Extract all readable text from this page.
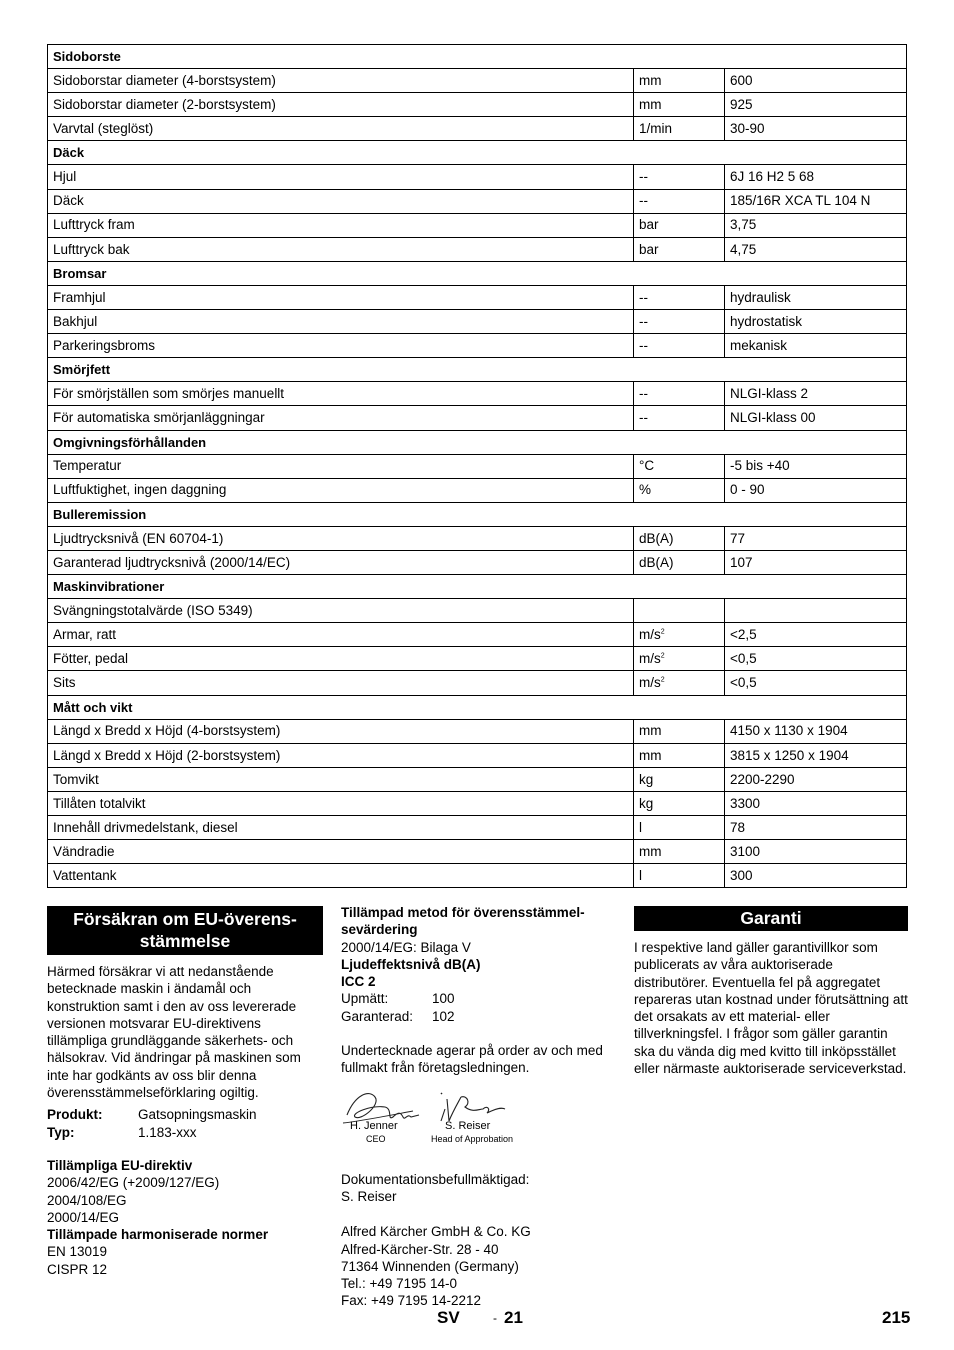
Sidoborste		
Sidoborstar diameter (4-borstsystem)	mm	600
Sidoborstar diameter (2-borstsystem)	mm	925
Varvtal (steglöst)	1/min	30-90
Däck		
Hjul	--	6J 16 H2 5 68
Däck	--	185/16R XCA TL 104 N
Lufttryck fram	bar	3,75
Lufttryck bak	bar	4,75
Bromsar		
Framhjul	--	hydraulisk
Bakhjul	--	hydrostatisk
Parkeringsbroms	--	mekanisk
Smörjfett		
För smörjställen som smörjes manuellt	--	NLGI-klass 2
För automatiska smörjanläggningar	--	NLGI-klass 00
Omgivningsförhållanden		
Temperatur	°C	-5 bis +40
Luftfuktighet, ingen daggning	%	0 - 90
Bulleremission		
Ljudtrycksnivå (EN 60704-1)	dB(A)	77
Garanterad ljudtrycksnivå (2000/14/EC)	dB(A)	107
Maskinvibrationer		
Svängningstotalvärde (ISO 5349)		
Armar, ratt	$m/s^2$	<2,5
Fötter, pedal	$m/s^2$	<0,5
Sits	$m/s^2$	<0,5
Mått och vikt		
Längd x Bredd x Höjd (4-borstsystem)	mm	4150 x 1130 x 1904
Längd x Bredd x Höjd (2-borstsystem)	mm	3815 x 1250 x 1904
Tomvikt	kg	2200-2290
Tillåten totalvikt	kg	3300
Innehåll drivmedelstank, diesel	l	78
Vändradie	mm	3100
Vattentank	l	300
Försäkran om EU-överens-
stämmelse

Härmed försäkrar vi att nedanstående betecknade maskin i ändamål och konstruktion samt i den av oss levererade versionen motsvarar EU-direktivens tillämpliga grundläggande säkerhets- och hälsokrav. Vid ändringar på maskinen som inte har godkänts av oss blir denna överensstämmelseförklaring ogiltig.

Produkt:	Gatsopningsmaskin
Typ:	1.183-xxx
Tillämpliga EU-direktiv
2006/42/EG (+2009/127/EG)
2004/108/EG
2000/14/EG
Tillämpade harmoniserade normer
EN 13019
CISPR 12
Tillämpad metod för överensstämmel-
sevärdering
2000/14/EG: Bilaga V
Ljudeffektsnivå dB(A)
ICC 2
Upmätt:	100
Garanterad:	102

Undertecknade agerar på order av och med fullmakt från företagsledningen.

H. Jenner
CEO
S. Reiser
Head of Approbation
Dokumentationsbefullmäktigad:
S. Reiser
Alfred Kärcher GmbH & Co. KG
Alfred-Kärcher-Str. 28 - 40
71364 Winnenden (Germany)
Tel.: +49 7195 14-0
Fax: +49 7195 14-2212
Garanti

I respektive land gäller garantivillkor som publicerats av våra auktoriserade distributörer. Eventuella fel på aggregatet repareras utan kostnad under förutsättning att det orsakats av ett material- eller tillverkningsfel. I frågor som gäller garantin ska du vända dig med kvitto till inköpsstället eller närmaste auktoriserade serviceverkstad.

SV	- 21	215
